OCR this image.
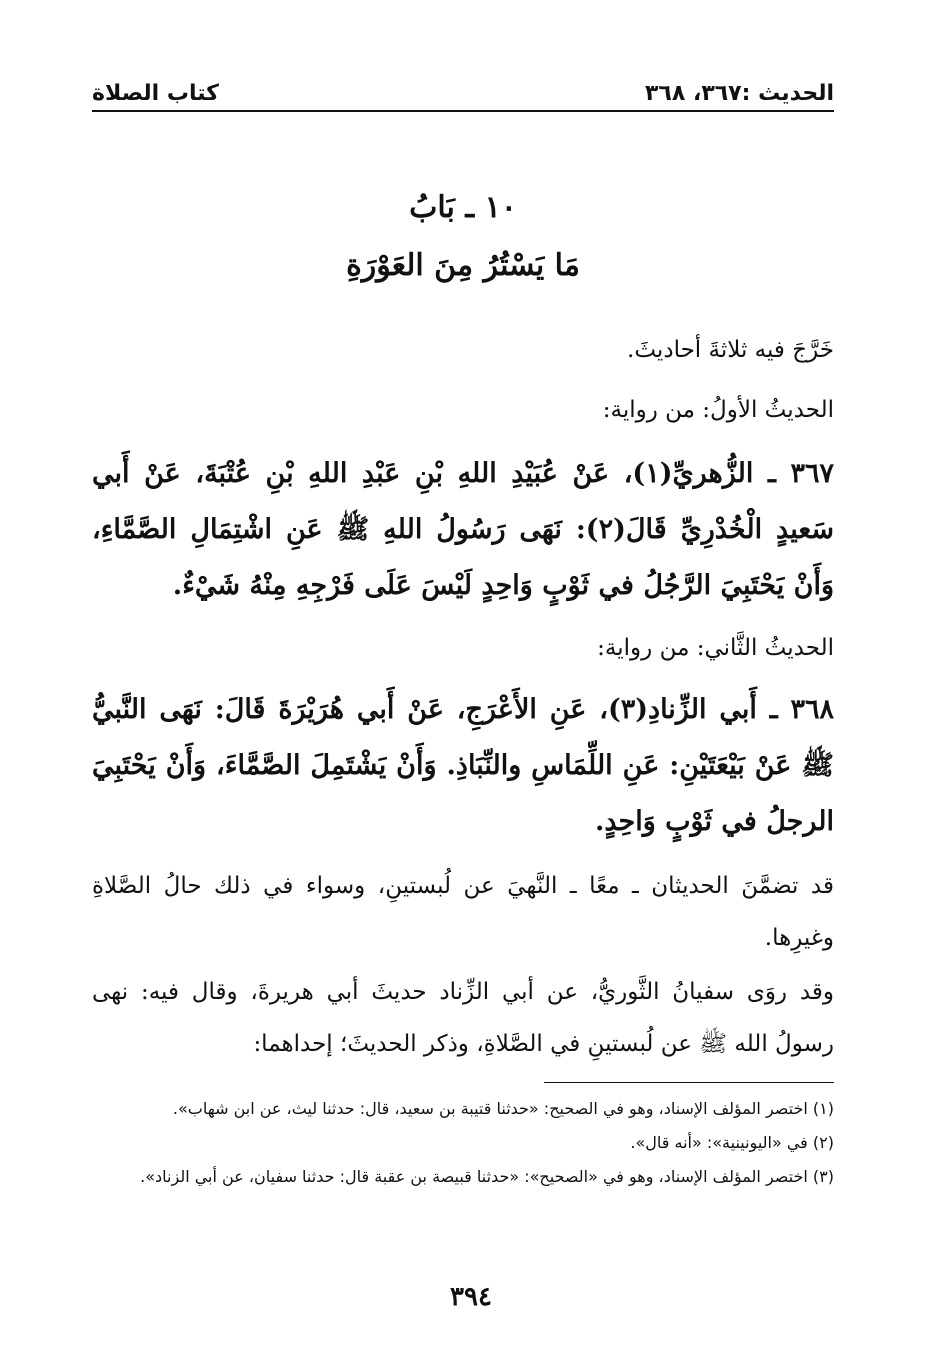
الحديث :٣٦٧، ٣٦٨
كتاب الصلاة
١٠ ـ بَابُ
مَا يَسْتُرُ مِنَ العَوْرَةِ
خَرَّجَ فيه ثلاثةَ أحاديثَ.
الحديثُ الأولُ: من رواية:
٣٦٧ ـ الزُّهريِّ(١)، عَنْ عُبَيْدِ اللهِ بْنِ عَبْدِ اللهِ بْنِ عُتْبَةَ، عَنْ أَبي سَعيدٍ الْخُدْرِيِّ قَالَ(٢): نَهَى رَسُولُ اللهِ ﷺ عَنِ اشْتِمَالِ الصَّمَّاءِ، وَأَنْ يَحْتَبِيَ الرَّجُلُ في ثَوْبٍ وَاحِدٍ لَيْسَ عَلَى فَرْجِهِ مِنْهُ شَيْءٌ.
الحديثُ الثَّاني: من رواية:
٣٦٨ ـ أَبي الزِّنادِ(٣)، عَنِ الأَعْرَجِ، عَنْ أَبي هُرَيْرَةَ قَالَ: نَهَى النَّبيُّ ﷺ عَنْ بَيْعَتَيْنِ: عَنِ اللِّمَاسِ والنِّبَاذِ. وَأَنْ يَشْتَمِلَ الصَّمَّاءَ، وَأَنْ يَحْتَبِيَ الرجلُ في ثَوْبٍ وَاحِدٍ.
قد تضمَّنَ الحديثان ـ معًا ـ النَّهيَ عن لُبستينِ، وسواء في ذلك حالُ الصَّلاةِ وغيرِها.
وقد روَى سفيانُ الثَّوريُّ، عن أبي الزِّناد حديثَ أبي هريرةَ، وقال فيه: نهى رسولُ الله ﷺ عن لُبستينِ في الصَّلاةِ، وذكر الحديثَ؛ إحداهما:

(١) اختصر المؤلف الإسناد، وهو في الصحيح: «حدثنا قتيبة بن سعيد، قال: حدثنا ليث، عن ابن شهاب».

(٢) في «اليونينية»: «أنه قال».

(٣) اختصر المؤلف الإسناد، وهو في «الصحيح»: «حدثنا قبيصة بن عقبة قال: حدثنا سفيان، عن أبي الزناد».

٣٩٤
